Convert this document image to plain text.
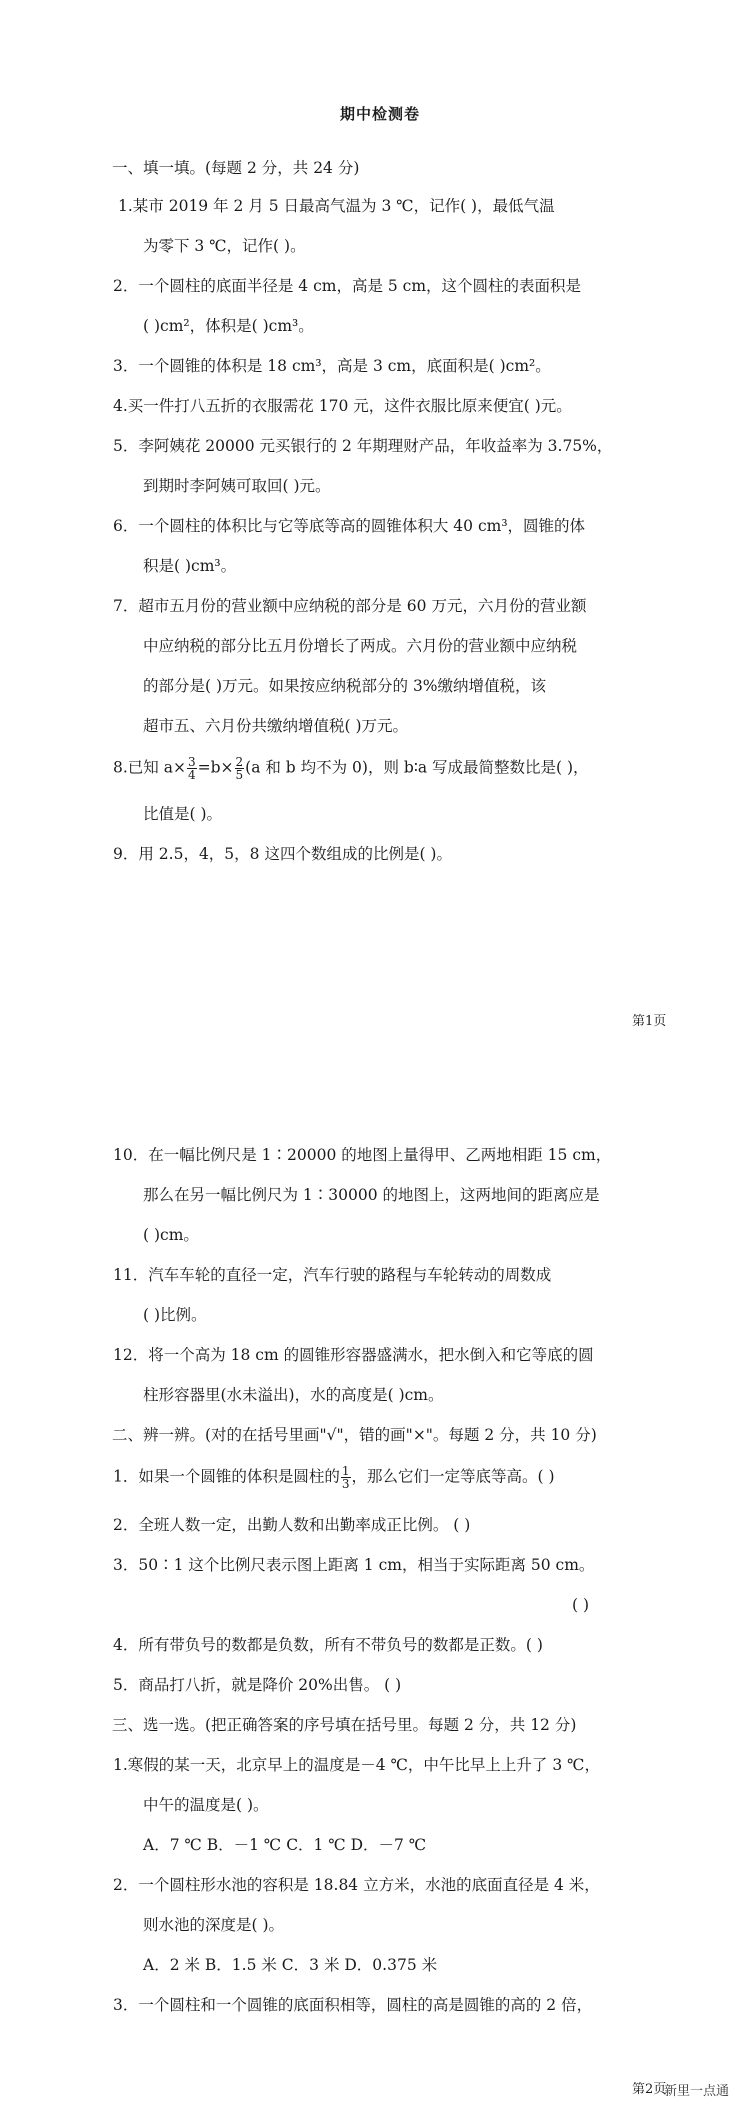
期中检测卷
一、填一填。(每题 2 分，共 24 分)
1.某市 2019 年 2 月 5 日最高气温为 3 ℃，记作( )，最低气温
为零下 3 ℃，记作( )。
2．一个圆柱的底面半径是 4 cm，高是 5 cm，这个圆柱的表面积是
( )cm²，体积是( )cm³。
3．一个圆锥的体积是 18 cm³，高是 3 cm，底面积是( )cm²。
4.买一件打八五折的衣服需花 170 元，这件衣服比原来便宜( )元。
5．李阿姨花 20000 元买银行的 2 年期理财产品，年收益率为 3.75%，
到期时李阿姨可取回( )元。
6．一个圆柱的体积比与它等底等高的圆锥体积大 40 cm³，圆锥的体
积是( )cm³。
7．超市五月份的营业额中应纳税的部分是 60 万元，六月份的营业额
中应纳税的部分比五月份增长了两成。六月份的营业额中应纳税
的部分是( )万元。如果按应纳税部分的 3%缴纳增值税，该
超市五、六月份共缴纳增值税( )万元。
8.已知 $a\times \frac{3}{4} =b\times \frac{2}{5} (a$ 和 b 均不为 0)，则 b∶a 写成最简整数比是( )，
比值是( )。
9．用 2.5，4，5，8 这四个数组成的比例是( )。
第1页
10．在一幅比例尺是 1∶20000 的地图上量得甲、乙两地相距 15 cm，
那么在另一幅比例尺为 1∶30000 的地图上，这两地间的距离应是
( )cm。
11．汽车车轮的直径一定，汽车行驶的路程与车轮转动的周数成
( )比例。
12．将一个高为 18 cm 的圆锥形容器盛满水，把水倒入和它等底的圆
柱形容器里(水未溢出)，水的高度是( )cm。
二、辨一辨。(对的在括号里画"√"，错的画"×"。每题 2 分，共 10 分)
1．如果一个圆锥的体积是圆柱的 $\frac{1}{3}$ ，那么它们一定等底等高。( )
2．全班人数一定，出勤人数和出勤率成正比例。 ( )
3．50∶1 这个比例尺表示图上距离 1 cm，相当于实际距离 50 cm。
( )
4．所有带负号的数都是负数，所有不带负号的数都是正数。( )
5．商品打八折，就是降价 20%出售。 ( )
三、选一选。(把正确答案的序号填在括号里。每题 2 分，共 12 分)
1.寒假的某一天，北京早上的温度是－4 ℃，中午比早上上升了 3 ℃，
中午的温度是( )。
A．7 ℃ B．－1 ℃ C．1 ℃ D．－7 ℃
2．一个圆柱形水池的容积是 18.84 立方米，水池的底面直径是 4 米，
则水池的深度是( )。
A．2 米 B．1.5 米 C．3 米 D．0.375 米
3．一个圆柱和一个圆锥的底面积相等，圆柱的高是圆锥的高的 2 倍，
第2页
新里一点通
